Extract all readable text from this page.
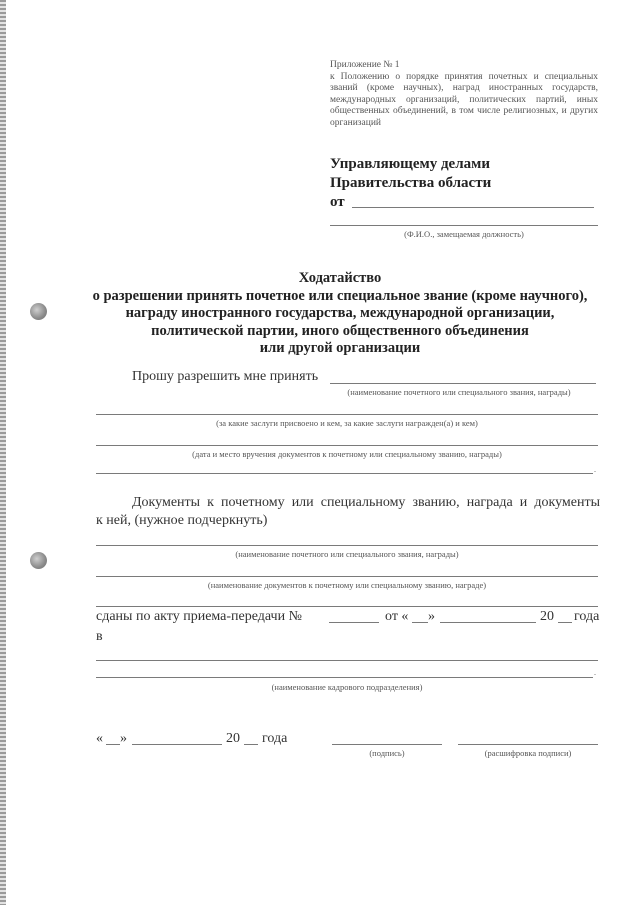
Приложение № 1
к Положению о порядке принятия почетных и специальных званий (кроме научных), наград иностранных государств, международных организаций, политических партий, иных общественных объединений, в том числе религиозных, и других организаций
Управляющему делами
Правительства области
от
(Ф.И.О., замещаемая должность)
Ходатайство
о разрешении принять почетное или специальное звание (кроме научного),
награду иностранного государства, международной организации,
политической партии, иного общественного объединения
или другой организации
Прошу разрешить мне принять
(наименование почетного или специального звания, награды)
(за какие заслуги присвоено и кем, за какие заслуги награжден(а) и кем)
(дата и место вручения документов к почетному или специальному званию, награды)
.
Документы к почетному или специальному званию, награда и документы
к ней, (нужное подчеркнуть)
(наименование почетного или специального звания, награды)
(наименование документов к почетному или специальному званию, награде)
сданы по акту приема-передачи №	от « »	20 года
в
.
(наименование кадрового подразделения)
« »	20 года
(подпись)	(расшифровка подписи)
